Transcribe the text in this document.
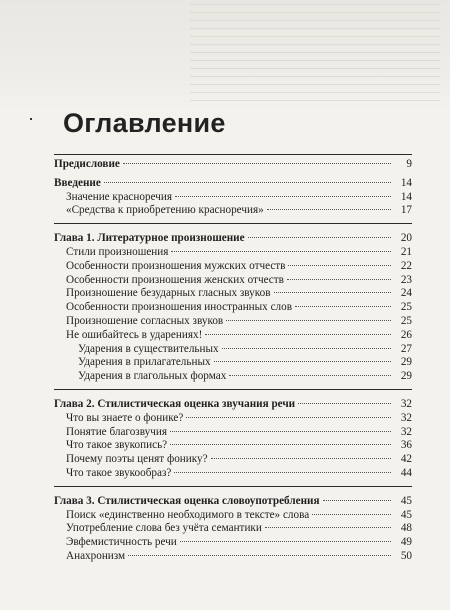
Оглавление
Предисловие	9
Введение	14
Значение красноречия	14
«Средства к приобретению красноречия»	17
Глава 1. Литературное произношение	20
Стили произношения	21
Особенности произношения мужских отчеств	22
Особенности произношения женских отчеств	23
Произношение безударных гласных звуков	24
Особенности произношения иностранных слов	25
Произношение согласных звуков	25
Не ошибайтесь в ударениях!	26
Ударения в существительных	27
Ударения в прилагательных	29
Ударения в глагольных формах	29
Глава 2. Стилистическая оценка звучания речи	32
Что вы знаете о фонике?	32
Понятие благозвучия	32
Что такое звукопись?	36
Почему поэты ценят фонику?	42
Что такое звукообраз?	44
Глава 3. Стилистическая оценка словоупотребления	45
Поиск «единственно необходимого в тексте» слова	45
Употребление слова без учёта семантики	48
Эвфемистичность речи	49
Анахронизм	50
